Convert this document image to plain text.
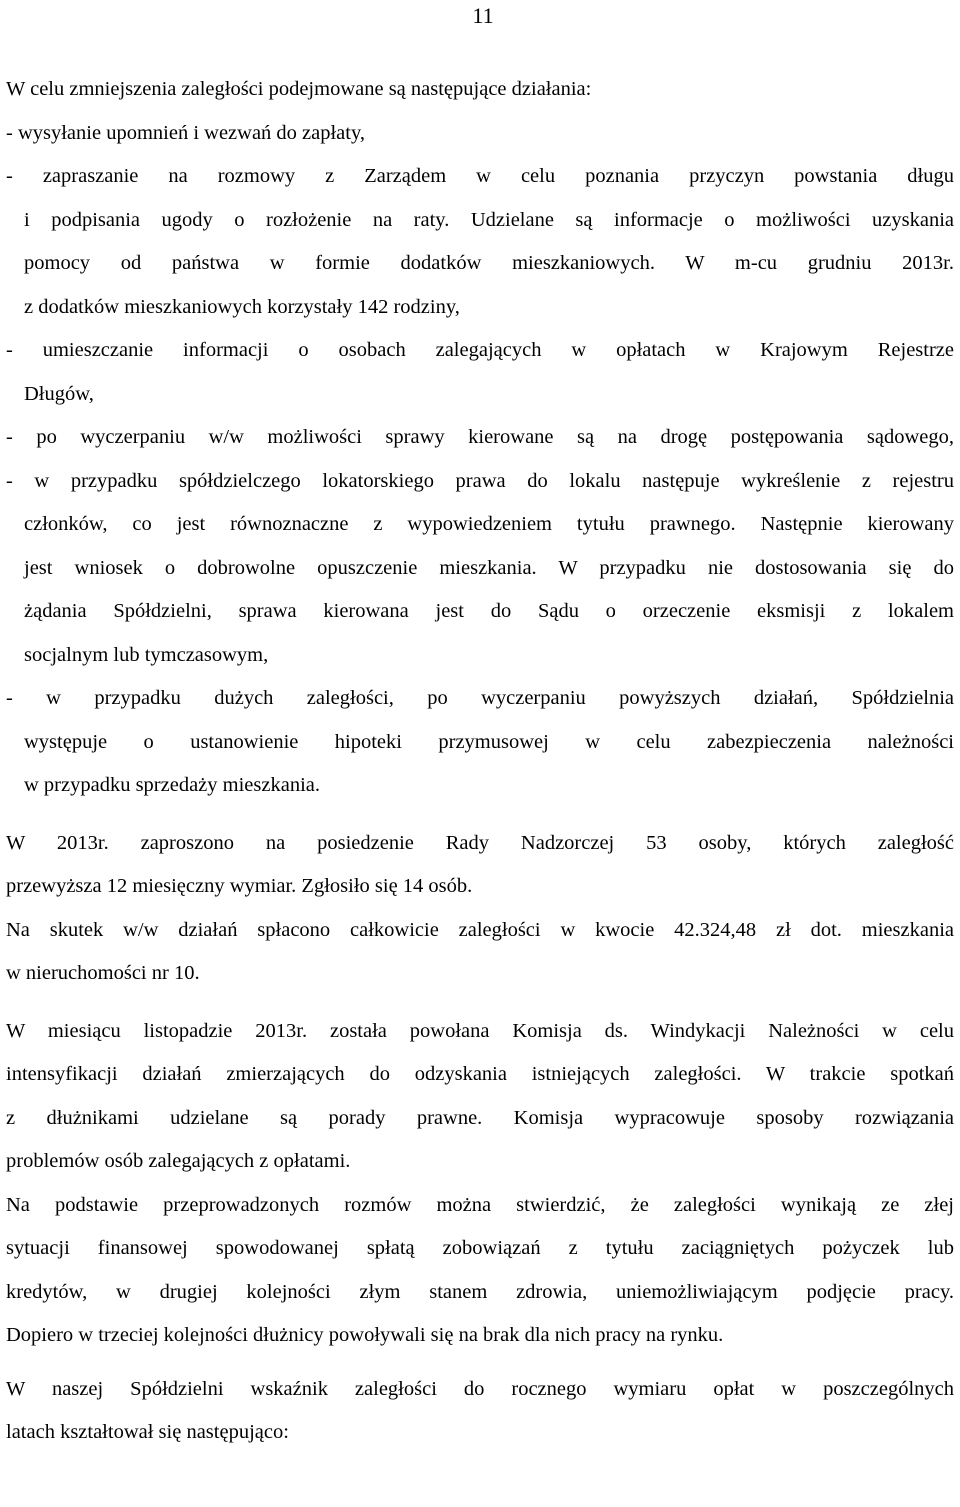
11
W celu zmniejszenia zaległości podejmowane są następujące działania:
- wysyłanie upomnień i wezwań do zapłaty,
- zapraszanie na rozmowy z Zarządem w celu poznania przyczyn powstania długu
i podpisania ugody o rozłożenie na raty. Udzielane są informacje o możliwości uzyskania
pomocy od państwa w formie dodatków mieszkaniowych. W m-cu grudniu 2013r.
z dodatków mieszkaniowych korzystały 142 rodziny,
- umieszczanie informacji o osobach zalegających w opłatach w Krajowym Rejestrze
Długów,
- po wyczerpaniu w/w możliwości sprawy kierowane są na drogę postępowania sądowego,
- w przypadku spółdzielczego lokatorskiego prawa do lokalu następuje wykreślenie z rejestru
członków, co jest równoznaczne z wypowiedzeniem tytułu prawnego. Następnie kierowany
jest wniosek o dobrowolne opuszczenie mieszkania. W przypadku nie dostosowania się do
żądania Spółdzielni, sprawa kierowana jest do Sądu o orzeczenie eksmisji z lokalem
socjalnym lub tymczasowym,
- w przypadku dużych zaległości, po wyczerpaniu powyższych działań, Spółdzielnia
występuje o ustanowienie hipoteki przymusowej w celu zabezpieczenia należności
w przypadku sprzedaży mieszkania.
W 2013r. zaproszono na posiedzenie Rady Nadzorczej 53 osoby, których zaległość
przewyższa 12 miesięczny wymiar. Zgłosiło się 14 osób.
Na skutek w/w działań spłacono całkowicie zaległości w kwocie 42.324,48 zł dot. mieszkania
w nieruchomości nr 10.
W miesiącu listopadzie 2013r. została powołana Komisja ds. Windykacji Należności w celu
intensyfikacji działań zmierzających do odzyskania istniejących zaległości. W trakcie spotkań
z dłużnikami udzielane są porady prawne. Komisja wypracowuje sposoby rozwiązania
problemów osób zalegających z opłatami.
Na podstawie przeprowadzonych rozmów można stwierdzić, że zaległości wynikają ze złej
sytuacji finansowej spowodowanej spłatą zobowiązań z tytułu zaciągniętych pożyczek lub
kredytów, w drugiej kolejności złym stanem zdrowia, uniemożliwiającym podjęcie pracy.
Dopiero w trzeciej kolejności dłużnicy powoływali się na brak dla nich pracy na rynku.
W naszej Spółdzielni wskaźnik zaległości do rocznego wymiaru opłat w poszczególnych
latach kształtował się następująco:
